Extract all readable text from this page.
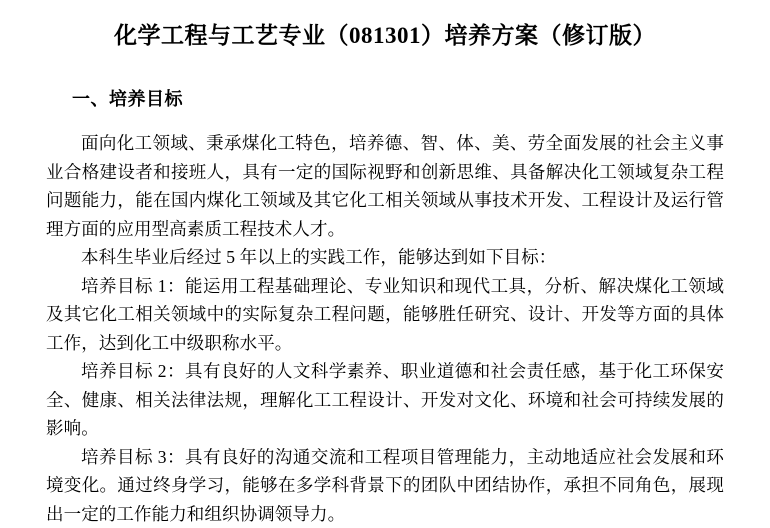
化学工程与工艺专业（081301）培养方案（修订版）
一、培养目标

面向化工领域、秉承煤化工特色，培养德、智、体、美、劳全面发展的社会主义事业合格建设者和接班人，具有一定的国际视野和创新思维、具备解决化工领域复杂工程问题能力，能在国内煤化工领域及其它化工相关领域从事技术开发、工程设计及运行管理方面的应用型高素质工程技术人才。

本科生毕业后经过 5 年以上的实践工作，能够达到如下目标：

培养目标 1：能运用工程基础理论、专业知识和现代工具，分析、解决煤化工领域及其它化工相关领域中的实际复杂工程问题，能够胜任研究、设计、开发等方面的具体工作，达到化工中级职称水平。

培养目标 2：具有良好的人文科学素养、职业道德和社会责任感，基于化工环保安全、健康、相关法律法规，理解化工工程设计、开发对文化、环境和社会可持续发展的影响。

培养目标 3：具有良好的沟通交流和工程项目管理能力，主动地适应社会发展和环境变化。通过终身学习，能够在多学科背景下的团队中团结协作，承担不同角色，展现出一定的工作能力和组织协调领导力。
